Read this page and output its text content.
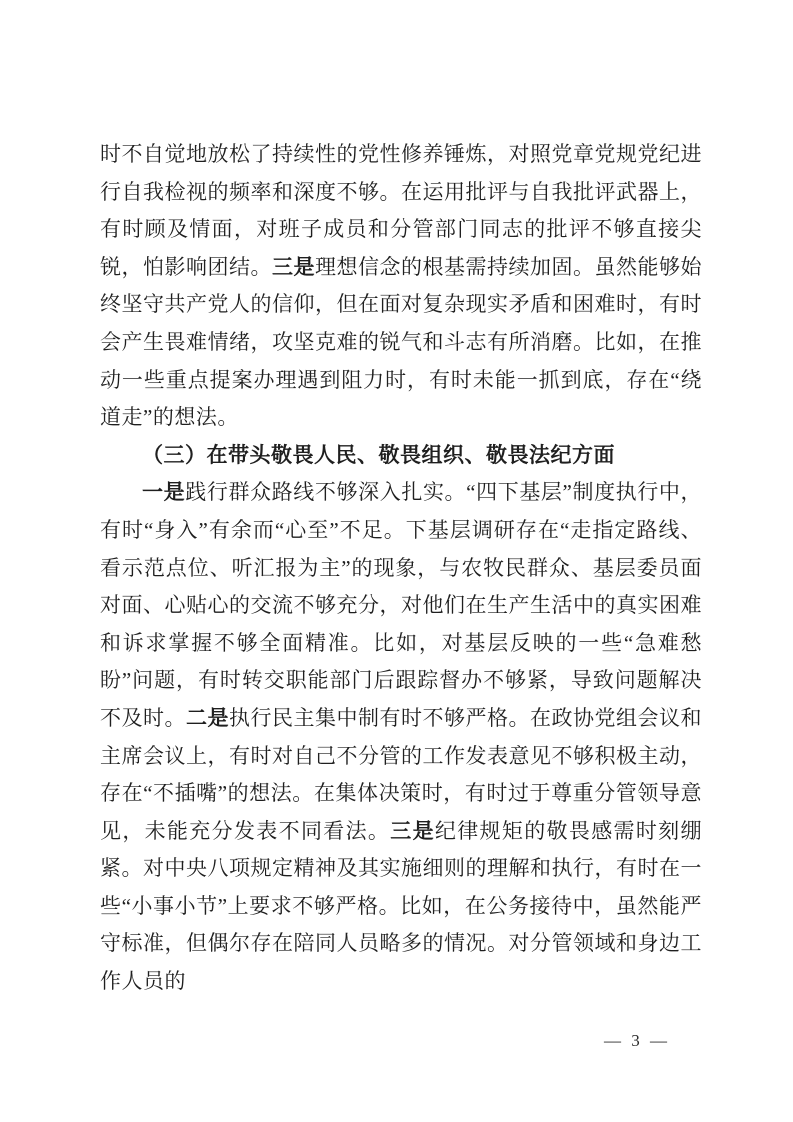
时不自觉地放松了持续性的党性修养锤炼，对照党章党规党纪进行自我检视的频率和深度不够。在运用批评与自我批评武器上，有时顾及情面，对班子成员和分管部门同志的批评不够直接尖锐，怕影响团结。三是理想信念的根基需持续加固。虽然能够始终坚守共产党人的信仰，但在面对复杂现实矛盾和困难时，有时会产生畏难情绪，攻坚克难的锐气和斗志有所消磨。比如，在推动一些重点提案办理遇到阻力时，有时未能一抓到底，存在“绕道走”的想法。

（三）在带头敬畏人民、敬畏组织、敬畏法纪方面

一是践行群众路线不够深入扎实。“四下基层”制度执行中，有时“身入”有余而“心至”不足。下基层调研存在“走指定路线、看示范点位、听汇报为主”的现象，与农牧民群众、基层委员面对面、心贴心的交流不够充分，对他们在生产生活中的真实困难和诉求掌握不够全面精准。比如，对基层反映的一些“急难愁盼”问题，有时转交职能部门后跟踪督办不够紧，导致问题解决不及时。二是执行民主集中制有时不够严格。在政协党组会议和主席会议上，有时对自己不分管的工作发表意见不够积极主动，存在“不插嘴”的想法。在集体决策时，有时过于尊重分管领导意见，未能充分发表不同看法。三是纪律规矩的敬畏感需时刻绷紧。对中央八项规定精神及其实施细则的理解和执行，有时在一些“小事小节”上要求不够严格。比如，在公务接待中，虽然能严守标准，但偶尔存在陪同人员略多的情况。对分管领域和身边工作人员的

— 3 —
